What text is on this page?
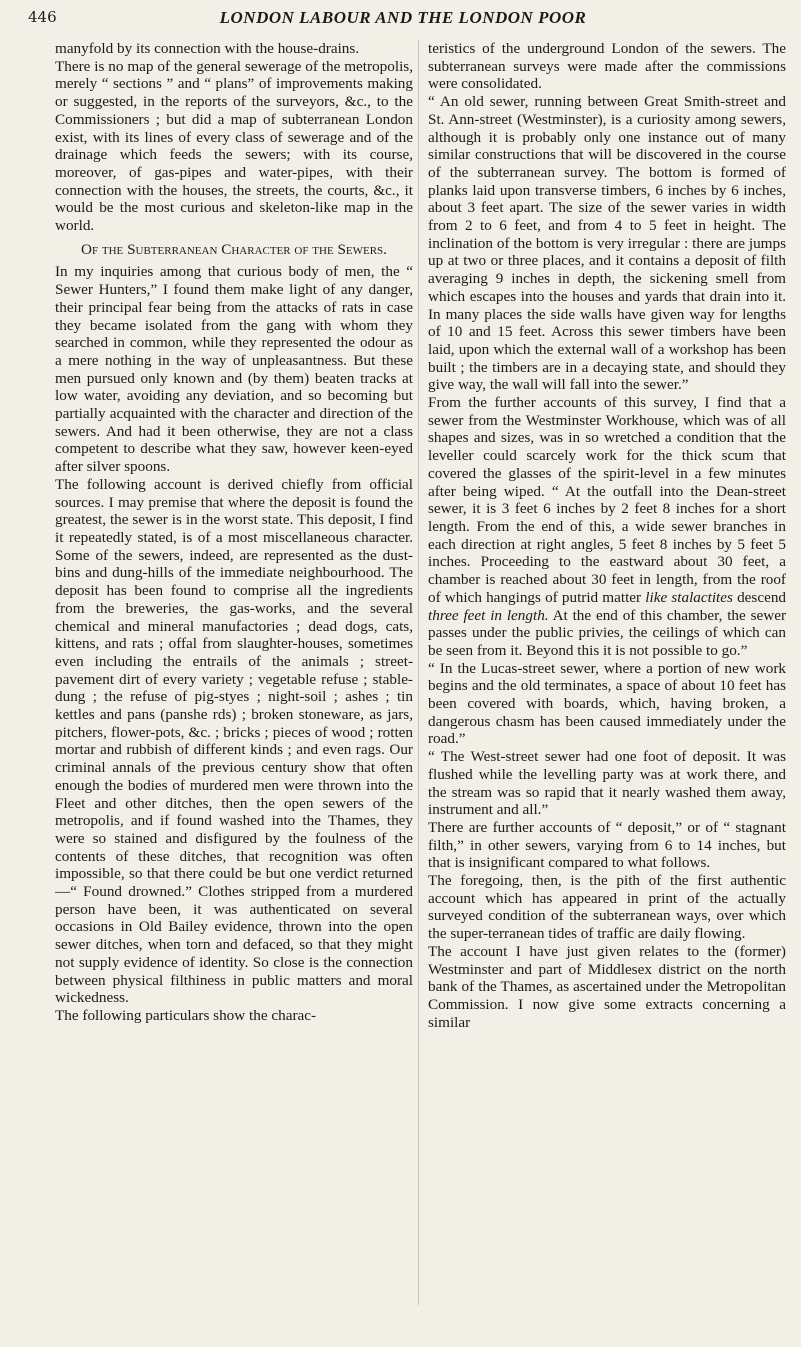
446	LONDON LABOUR AND THE LONDON POOR

manyfold by its connection with the house-drains.

There is no map of the general sewerage of the metropolis, merely “ sections ” and “ plans” of improvements making or suggested, in the reports of the surveyors, &c., to the Commissioners ; but did a map of subterranean London exist, with its lines of every class of sewerage and of the drainage which feeds the sewers; with its course, moreover, of gas-pipes and water-pipes, with their connection with the houses, the streets, the courts, &c., it would be the most curious and skeleton-like map in the world.

Of the Subterranean Character of the Sewers.

In my inquiries among that curious body of men, the “ Sewer Hunters,” I found them make light of any danger, their principal fear being from the attacks of rats in case they became isolated from the gang with whom they searched in common, while they represented the odour as a mere nothing in the way of unpleasantness. But these men pursued only known and (by them) beaten tracks at low water, avoiding any deviation, and so becoming but partially acquainted with the character and direction of the sewers. And had it been otherwise, they are not a class competent to describe what they saw, however keen-eyed after silver spoons.

The following account is derived chiefly from official sources. I may premise that where the deposit is found the greatest, the sewer is in the worst state. This deposit, I find it repeatedly stated, is of a most miscellaneous character. Some of the sewers, indeed, are represented as the dust-bins and dung-hills of the immediate neighbourhood. The deposit has been found to comprise all the ingredients from the breweries, the gas-works, and the several chemical and mineral manufactories ; dead dogs, cats, kittens, and rats ; offal from slaughter-houses, sometimes even including the entrails of the animals ; street-pavement dirt of every variety ; vegetable refuse ; stable-dung ; the refuse of pig-styes ; night-soil ; ashes ; tin kettles and pans (panshe rds) ; broken stoneware, as jars, pitchers, flower-pots, &c. ; bricks ; pieces of wood ; rotten mortar and rubbish of different kinds ; and even rags. Our criminal annals of the previous century show that often enough the bodies of murdered men were thrown into the Fleet and other ditches, then the open sewers of the metropolis, and if found washed into the Thames, they were so stained and disfigured by the foulness of the contents of these ditches, that recognition was often impossible, so that there could be but one verdict returned—“ Found drowned.” Clothes stripped from a murdered person have been, it was authenticated on several occasions in Old Bailey evidence, thrown into the open sewer ditches, when torn and defaced, so that they might not supply evidence of identity. So close is the connection between physical filthiness in public matters and moral wickedness.

The following particulars show the charac-

teristics of the underground London of the sewers. The subterranean surveys were made after the commissions were consolidated.

“ An old sewer, running between Great Smith-street and St. Ann-street (Westminster), is a curiosity among sewers, although it is probably only one instance out of many similar constructions that will be discovered in the course of the subterranean survey. The bottom is formed of planks laid upon transverse timbers, 6 inches by 6 inches, about 3 feet apart. The size of the sewer varies in width from 2 to 6 feet, and from 4 to 5 feet in height. The inclination of the bottom is very irregular : there are jumps up at two or three places, and it contains a deposit of filth averaging 9 inches in depth, the sickening smell from which escapes into the houses and yards that drain into it. In many places the side walls have given way for lengths of 10 and 15 feet. Across this sewer timbers have been laid, upon which the external wall of a workshop has been built ; the timbers are in a decaying state, and should they give way, the wall will fall into the sewer.”

From the further accounts of this survey, I find that a sewer from the Westminster Workhouse, which was of all shapes and sizes, was in so wretched a condition that the leveller could scarcely work for the thick scum that covered the glasses of the spirit-level in a few minutes after being wiped. “ At the outfall into the Dean-street sewer, it is 3 feet 6 inches by 2 feet 8 inches for a short length. From the end of this, a wide sewer branches in each direction at right angles, 5 feet 8 inches by 5 feet 5 inches. Proceeding to the eastward about 30 feet, a chamber is reached about 30 feet in length, from the roof of which hangings of putrid matter like stalactites descend three feet in length. At the end of this chamber, the sewer passes under the public privies, the ceilings of which can be seen from it. Beyond this it is not possible to go.”

“ In the Lucas-street sewer, where a portion of new work begins and the old terminates, a space of about 10 feet has been covered with boards, which, having broken, a dangerous chasm has been caused immediately under the road.”

“ The West-street sewer had one foot of deposit. It was flushed while the levelling party was at work there, and the stream was so rapid that it nearly washed them away, instrument and all.”

There are further accounts of “ deposit,” or of “ stagnant filth,” in other sewers, varying from 6 to 14 inches, but that is insignificant compared to what follows.

The foregoing, then, is the pith of the first authentic account which has appeared in print of the actually surveyed condition of the subterranean ways, over which the super-terranean tides of traffic are daily flowing.

The account I have just given relates to the (former) Westminster and part of Middlesex district on the north bank of the Thames, as ascertained under the Metropolitan Commission. I now give some extracts concerning a similar
